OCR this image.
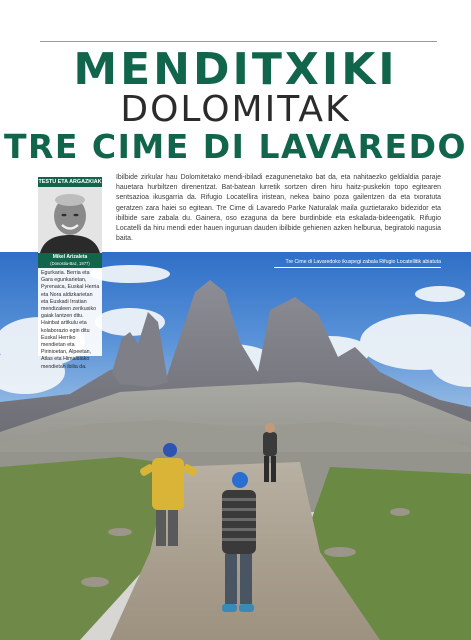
MENDITXIKI
DOLOMITAK
TRE CIME DI LAVAREDO
Ibilbide zirkular hau Dolomitetako mendi-ibiladi ezagunenetako bat da, eta nahitaezko geldialdia paraje hauetara hurbiltzen direnentzat. Bat-batean lurretik sortzen diren hiru haitz-puskekin topo egitearen sentsazioa ikusgarria da. Rifugio Locatellira iristean, nekea baino poza gailentzen da eta txoratuta geratzen zara haiei so egitean. Tre Cime di Lavaredo Parke Naturalak maila guztietarako bidezidor eta ibilbide sare zabala du. Gainera, oso ezaguna da bere burdinbide eta eskalada-bideengatik. Rifugio Locatelli da hiru mendi eder hauen inguruan dauden ibilbide gehienen azken helburua, begiratoki nagusia baita.
Tre Cime di Lavaredoko ikuspegi zabala Rifugio Locatellitik abiatuta
TESTU ETA ARGAZKIAK
Mikel Arizaleta
(Donostia-Baz, 1977)
Egurkaria. Berria eta Gara egunkarietan, Pyrenaica, Euskal Herria eta Nora aldizkarietan eta Euskadi Irratian mendizaleen zerikusiko gaiak lantzen ditu. Hainbat artikulu eta kolaborazio egin ditu Euskal Herriko mendietan eta Pirinioetan, Alpeetan, Atlas eta Himalaiako mendietan ibilia da.
